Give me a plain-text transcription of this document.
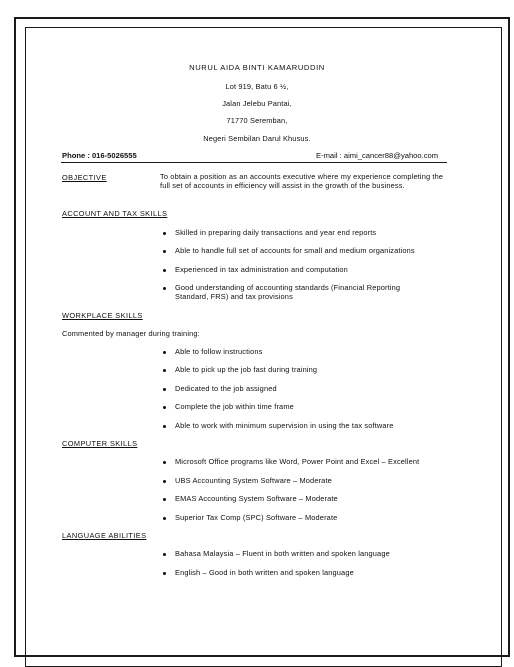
NURUL AIDA BINTI KAMARUDDIN
Lot 919, Batu 6 ½,
Jalan Jelebu Pantai,
71770 Seremban,
Negeri Sembilan Darul Khusus.
Phone : 016-5026555	E-mail : aimi_cancer88@yahoo.com
OBJECTIVE	To obtain a position as an accounts executive where my experience completing the full set of accounts in efficiency will assist in the growth of the business.
ACCOUNT AND TAX SKILLS
Skilled in preparing daily transactions and year end reports
Able to handle full set of accounts for small and medium organizations
Experienced in tax administration and computation
Good understanding of accounting standards (Financial Reporting Standard, FRS) and tax provisions
WORKPLACE SKILLS
Commented by manager during training:
Able to follow instructions
Able to pick up the job fast during training
Dedicated to the job assigned
Complete the job within time frame
Able to work with minimum supervision in using the tax software
COMPUTER SKILLS
Microsoft Office programs like Word, Power Point and Excel – Excellent
UBS Accounting System Software – Moderate
EMAS Accounting System Software – Moderate
Superior Tax Comp (SPC) Software – Moderate
LANGUAGE ABILITIES
Bahasa Malaysia – Fluent in both written and spoken language
English – Good in both written and spoken language
